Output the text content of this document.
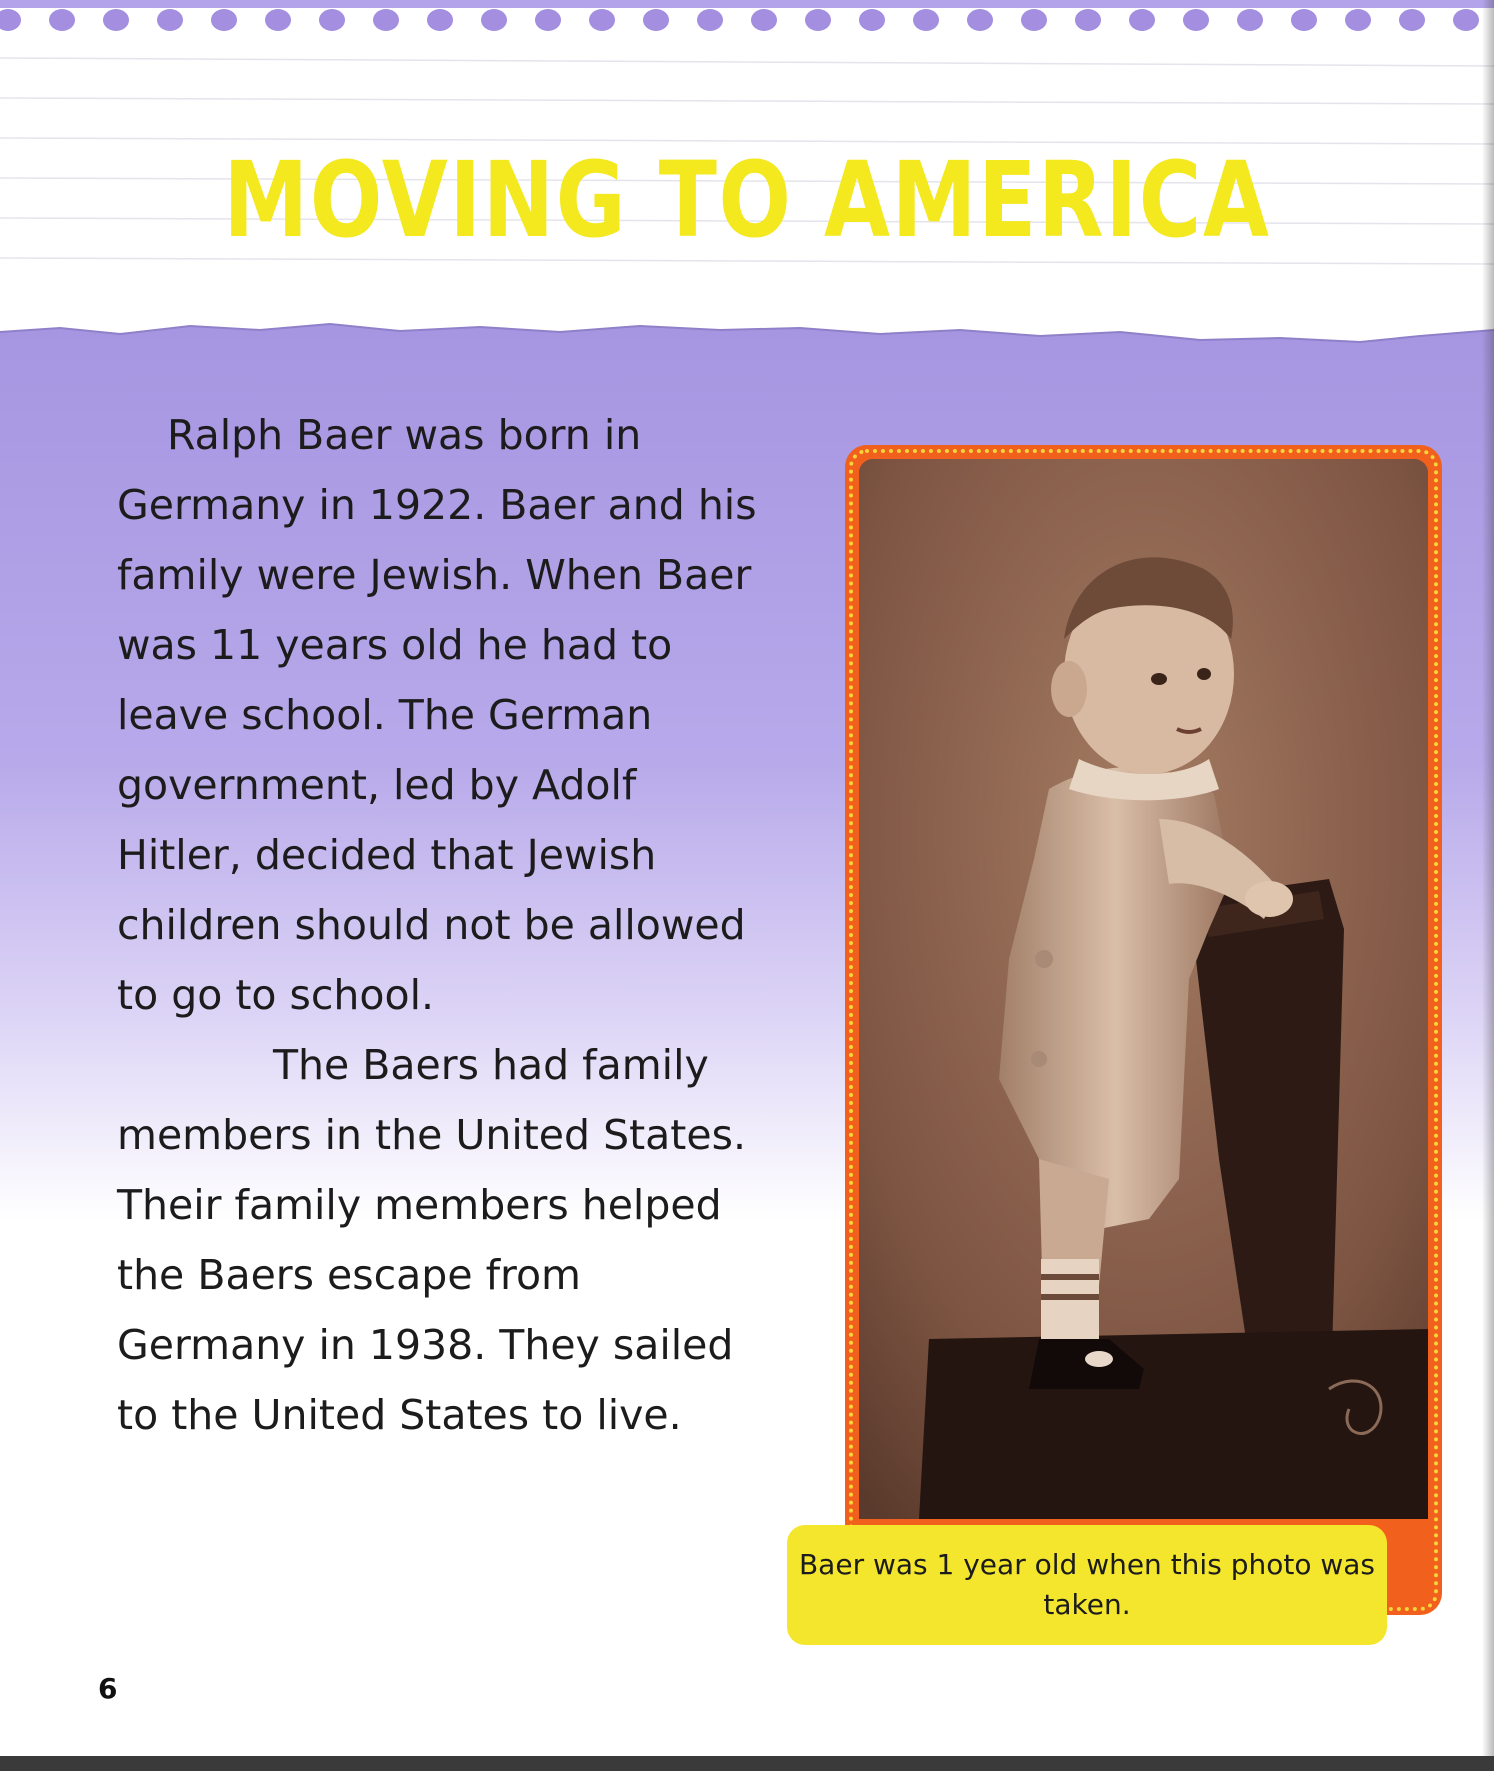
MOVING TO AMERICA

Ralph Baer was born in Germany in 1922. Baer and his family were Jewish. When Baer was 11 years old he had to leave school. The German government, led by Adolf Hitler, decided that Jewish children should not be allowed to go to school.

The Baers had family members in the United States. Their family members helped the Baers escape from Germany in 1938. They sailed to the United States to live.

Baer was 1 year old when this photo was taken.
6
